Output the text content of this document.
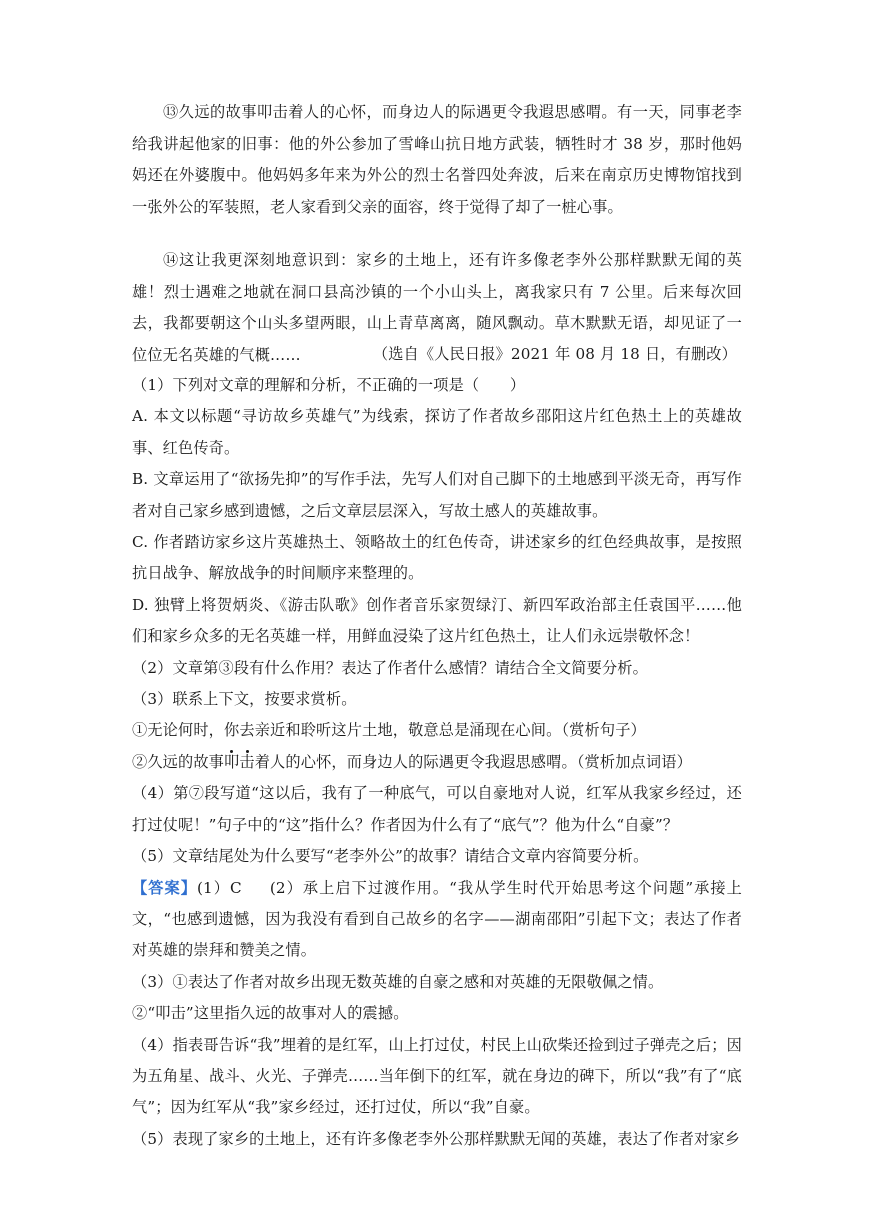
⑬久远的故事叩击着人的心怀，而身边人的际遇更令我遐思感喟。有一天，同事老李给我讲起他家的旧事：他的外公参加了雪峰山抗日地方武装，牺牲时才 38 岁，那时他妈妈还在外婆腹中。他妈妈多年来为外公的烈士名誉四处奔波，后来在南京历史博物馆找到一张外公的军装照，老人家看到父亲的面容，终于觉得了却了一桩心事。
⑭这让我更深刻地意识到：家乡的土地上，还有许多像老李外公那样默默无闻的英雄！烈士遇难之地就在洞口县高沙镇的一个小山头上，离我家只有 7 公里。后来每次回去，我都要朝这个山头多望两眼，山上青草离离，随风飘动。草木默默无语，却见证了一位位无名英雄的气概……	（选自《人民日报》2021 年 08 月 18 日，有删改）

（1）下列对文章的理解和分析，不正确的一项是（　　）

A. 本文以标题“寻访故乡英雄气”为线索，探访了作者故乡邵阳这片红色热土上的英雄故事、红色传奇。

B. 文章运用了“欲扬先抑”的写作手法，先写人们对自己脚下的土地感到平淡无奇，再写作者对自己家乡感到遗憾，之后文章层层深入，写故土感人的英雄故事。

C. 作者踏访家乡这片英雄热土、领略故土的红色传奇，讲述家乡的红色经典故事，是按照抗日战争、解放战争的时间顺序来整理的。

D. 独臂上将贺炳炎、《游击队歌》创作者音乐家贺绿汀、新四军政治部主任袁国平……他们和家乡众多的无名英雄一样，用鲜血浸染了这片红色热土，让人们永远崇敬怀念！

（2）文章第③段有什么作用？表达了作者什么感情？请结合全文简要分析。

（3）联系上下文，按要求赏析。

①无论何时，你去亲近和聆听这片土地，敬意总是涌现在心间。（赏析句子）

②久远的故事叩击着人的心怀，而身边人的际遇更令我遐思感喟。（赏析加点词语）

（4）第⑦段写道“这以后，我有了一种底气，可以自豪地对人说，红军从我家乡经过，还打过仗呢！”句子中的“这”指什么？作者因为什么有了“底气”？他为什么“自豪”？

（5）文章结尾处为什么要写“老李外公”的故事？请结合文章内容简要分析。

【答案】(1）C (2）承上启下过渡作用。“我从学生时代开始思考这个问题”承接上文，“也感到遗憾，因为我没有看到自己故乡的名字——湖南邵阳”引起下文；表达了作者对英雄的崇拜和赞美之情。

（3）①表达了作者对故乡出现无数英雄的自豪之感和对英雄的无限敬佩之情。

②“叩击”这里指久远的故事对人的震撼。

（4）指表哥告诉“我”埋着的是红军，山上打过仗，村民上山砍柴还捡到过子弹壳之后；因为五角星、战斗、火光、子弹壳……当年倒下的红军，就在身边的碑下，所以“我”有了“底气”；因为红军从“我”家乡经过，还打过仗，所以“我”自豪。

（5）表现了家乡的土地上，还有许多像老李外公那样默默无闻的英雄，表达了作者对家乡
